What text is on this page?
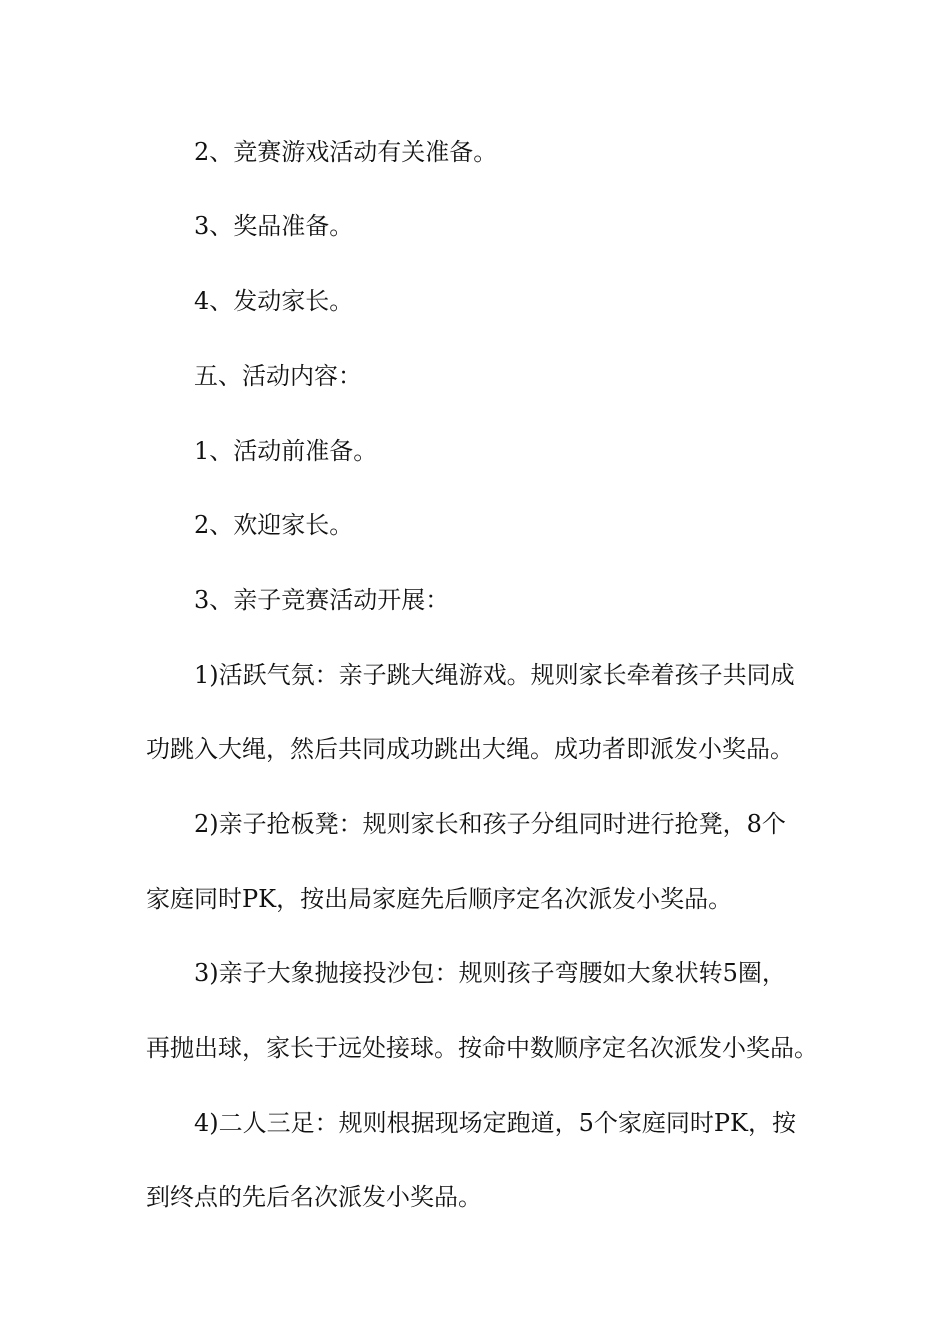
2、竞赛游戏活动有关准备。
3、奖品准备。
4、发动家长。
五、活动内容：
1、活动前准备。
2、欢迎家长。
3、亲子竞赛活动开展：
1)活跃气氛：亲子跳大绳游戏。规则家长牵着孩子共同成
功跳入大绳，然后共同成功跳出大绳。成功者即派发小奖品。
2)亲子抢板凳：规则家长和孩子分组同时进行抢凳，8个
家庭同时PK，按出局家庭先后顺序定名次派发小奖品。
3)亲子大象抛接投沙包：规则孩子弯腰如大象状转5圈，
再抛出球，家长于远处接球。按命中数顺序定名次派发小奖品。
4)二人三足：规则根据现场定跑道，5个家庭同时PK，按
到终点的先后名次派发小奖品。
